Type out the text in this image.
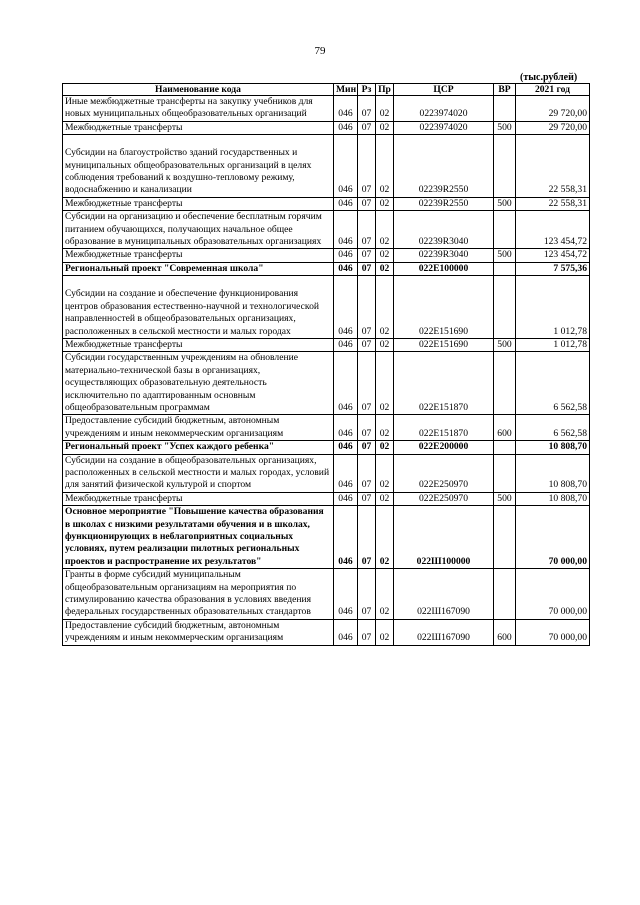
79
(тыс.рублей)
Наименование кода	Мин	Рз	Пр	ЦСР	ВР	2021 год
Иные межбюджетные трансферты на закупку учебников для новых муниципальных общеобразовательных организаций	046	07	02	0223974020		29 720,00
Межбюджетные трансферты	046	07	02	0223974020	500	29 720,00
Субсидии на благоустройство зданий государственных и муниципальных общеобразовательных организаций в целях соблюдения требований к воздушно-тепловому режиму, водоснабжению и канализации	046	07	02	02239R2550		22 558,31
Межбюджетные трансферты	046	07	02	02239R2550	500	22 558,31
Субсидии на организацию и обеспечение бесплатным горячим питанием обучающихся, получающих начальное общее образование в муниципальных образовательных организациях	046	07	02	02239R3040		123 454,72
Межбюджетные трансферты	046	07	02	02239R3040	500	123 454,72
Региональный проект "Современная школа"	046	07	02	022E100000		7 575,36
Субсидии на создание и обеспечение функционирования центров образования естественно-научной и технологической направленностей в общеобразовательных организациях, расположенных в сельской местности и малых городах	046	07	02	022E151690		1 012,78
Межбюджетные трансферты	046	07	02	022E151690	500	1 012,78
Субсидии государственным учреждениям на обновление материально-технической базы в организациях, осуществляющих образовательную деятельность исключительно по адаптированным основным общеобразовательным программам	046	07	02	022E151870		6 562,58
Предоставление субсидий бюджетным, автономным учреждениям и иным некоммерческим организациям	046	07	02	022E151870	600	6 562,58
Региональный проект "Успех каждого ребенка"	046	07	02	022E200000		10 808,70
Субсидии на создание в общеобразовательных организациях, расположенных в сельской местности и малых городах, условий для занятий физической культурой и спортом	046	07	02	022E250970		10 808,70
Межбюджетные трансферты	046	07	02	022E250970	500	10 808,70
Основное мероприятие "Повышение качества образования в школах с низкими результатами обучения и в школах, функционирующих в неблагоприятных социальных условиях, путем реализации пилотных региональных проектов и распространение их результатов"	046	07	02	022Ш100000		70 000,00
Гранты в форме субсидий муниципальным общеобразовательным организациям на мероприятия по стимулированию качества образования в условиях введения федеральных государственных образовательных стандартов	046	07	02	022Ш167090		70 000,00
Предоставление субсидий бюджетным, автономным учреждениям и иным некоммерческим организациям	046	07	02	022Ш167090	600	70 000,00
